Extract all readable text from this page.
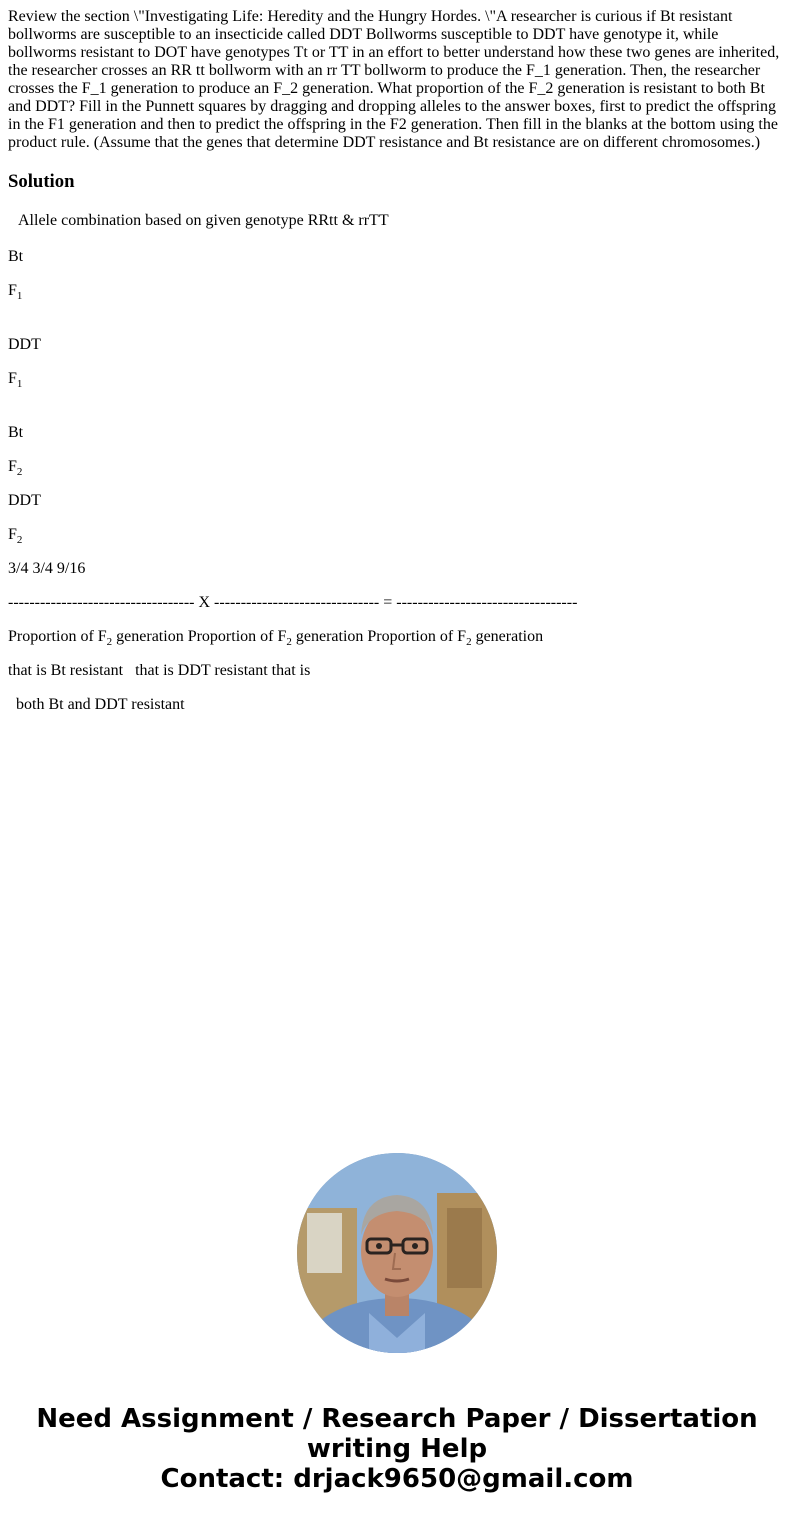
Review the section \"Investigating Life: Heredity and the Hungry Hordes. \"A researcher is curious if Bt resistant bollworms are susceptible to an insecticide called DDT Bollworms susceptible to DDT have genotype it, while bollworms resistant to DOT have genotypes Tt or TT in an effort to better understand how these two genes are inherited, the researcher crosses an RR tt bollworm with an rr TT bollworm to produce the F_1 generation. Then, the researcher crosses the F_1 generation to produce an F_2 generation. What proportion of the F_2 generation is resistant to both Bt and DDT? Fill in the Punnett squares by dragging and dropping alleles to the answer boxes, first to predict the offspring in the F1 generation and then to predict the offspring in the F2 generation. Then fill in the blanks at the bottom using the product rule. (Assume that the genes that determine DDT resistance and Bt resistance are on different chromosomes.)
Solution

Allele combination based on given genotype RRtt & rrTT

Bt

$F_1$

DDT

$F_1$

Bt

$F_2$

DDT

$F_2$

3/4 3/4 9/16

----------------------------------- X ------------------------------- = ----------------------------------

Proportion of $F_2$ generation Proportion of $F_2$ generation Proportion of $F_2$ generation

that is Bt resistant   that is DDT resistant that is

both Bt and DDT resistant

Need Assignment / Research Paper / Dissertation
writing Help
Contact: drjack9650@gmail.com
